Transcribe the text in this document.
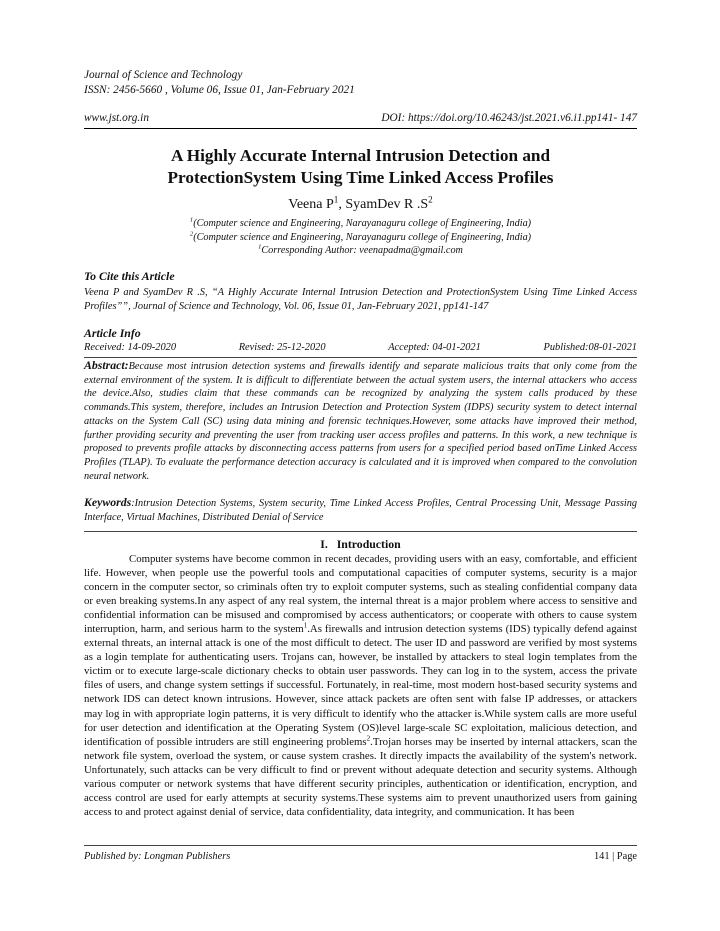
Journal of Science and Technology
ISSN: 2456-5660 , Volume 06, Issue 01, Jan-February 2021
www.jst.org.in	DOI: https://doi.org/10.46243/jst.2021.v6.i1.pp141- 147
A Highly Accurate Internal Intrusion Detection and
ProtectionSystem Using Time Linked Access Profiles
Veena $P^1$, SyamDev R $.S^2$
$^1$(Computer science and Engineering, Narayanaguru college of Engineering, India)
$^2$(Computer science and Engineering, Narayanaguru college of Engineering, India)
$^1$Corresponding Author: veenapadma@gmail.com
To Cite this Article
Veena P and SyamDev R .S, “A Highly Accurate Internal Intrusion Detection and ProtectionSystem Using Time Linked Access Profiles””, Journal of Science and Technology, Vol. 06, Issue 01, Jan-February 2021, pp141-147
Article Info
Received: 14-09-2020	Revised: 25-12-2020	Accepted: 04-01-2021	Published:08-01-2021
Abstract:Because most intrusion detection systems and firewalls identify and separate malicious traits that only come from the external environment of the system. It is difficult to differentiate between the actual system users, the internal attackers who access the device.Also, studies claim that these commands can be recognized by analyzing the system calls produced by these commands.This system, therefore, includes an Intrusion Detection and Protection System (IDPS) security system to detect internal attacks on the System Call (SC) using data mining and forensic techniques.However, some attacks have improved their method, further providing security and preventing the user from tracking user access profiles and patterns. In this work, a new technique is proposed to prevents profile attacks by disconnecting access patterns from users for a specified period based onTime Linked Access Profiles (TLAP). To evaluate the performance detection accuracy is calculated and it is improved when compared to the convolution neural network.
Keywords:Intrusion Detection Systems, System security, Time Linked Access Profiles, Central Processing Unit, Message Passing Interface, Virtual Machines, Distributed Denial of Service
I. Introduction

Computer systems have become common in recent decades, providing users with an easy, comfortable, and efficient life. However, when people use the powerful tools and computational capacities of computer systems, security is a major concern in the computer sector, so criminals often try to exploit computer systems, such as stealing confidential company data or even breaking systems.In any aspect of any real system, the internal threat is a major problem where access to sensitive and confidential information can be misused and compromised by access authenticators; or cooperate with others to cause system interruption, harm, and serious harm to the system$^1$.As firewalls and intrusion detection systems (IDS) typically defend against external threats, an internal attack is one of the most difficult to detect. The user ID and password are verified by most systems as a login template for authenticating users. Trojans can, however, be installed by attackers to steal login templates from the victim or to execute large-scale dictionary checks to obtain user passwords. They can log in to the system, access the private files of users, and change system settings if successful. Fortunately, in real-time, most modern host-based security systems and network IDS can detect known intrusions. However, since attack packets are often sent with false IP addresses, or attackers may log in with appropriate login patterns, it is very difficult to identify who the attacker is.While system calls are more useful for user detection and identification at the Operating System (OS)level large-scale SC exploitation, malicious detection, and identification of possible intruders are still engineering problems$^2$.Trojan horses may be inserted by internal attackers, scan the network file system, overload the system, or cause system crashes. It directly impacts the availability of the system's network. Unfortunately, such attacks can be very difficult to find or prevent without adequate detection and security systems. Although various computer or network systems that have different security principles, authentication or identification, encryption, and access control are used for early attempts at security systems.These systems aim to prevent unauthorized users from gaining access to and protect against denial of service, data confidentiality, data integrity, and communication. It has been

Published by: Longman Publishers	141 | Page
